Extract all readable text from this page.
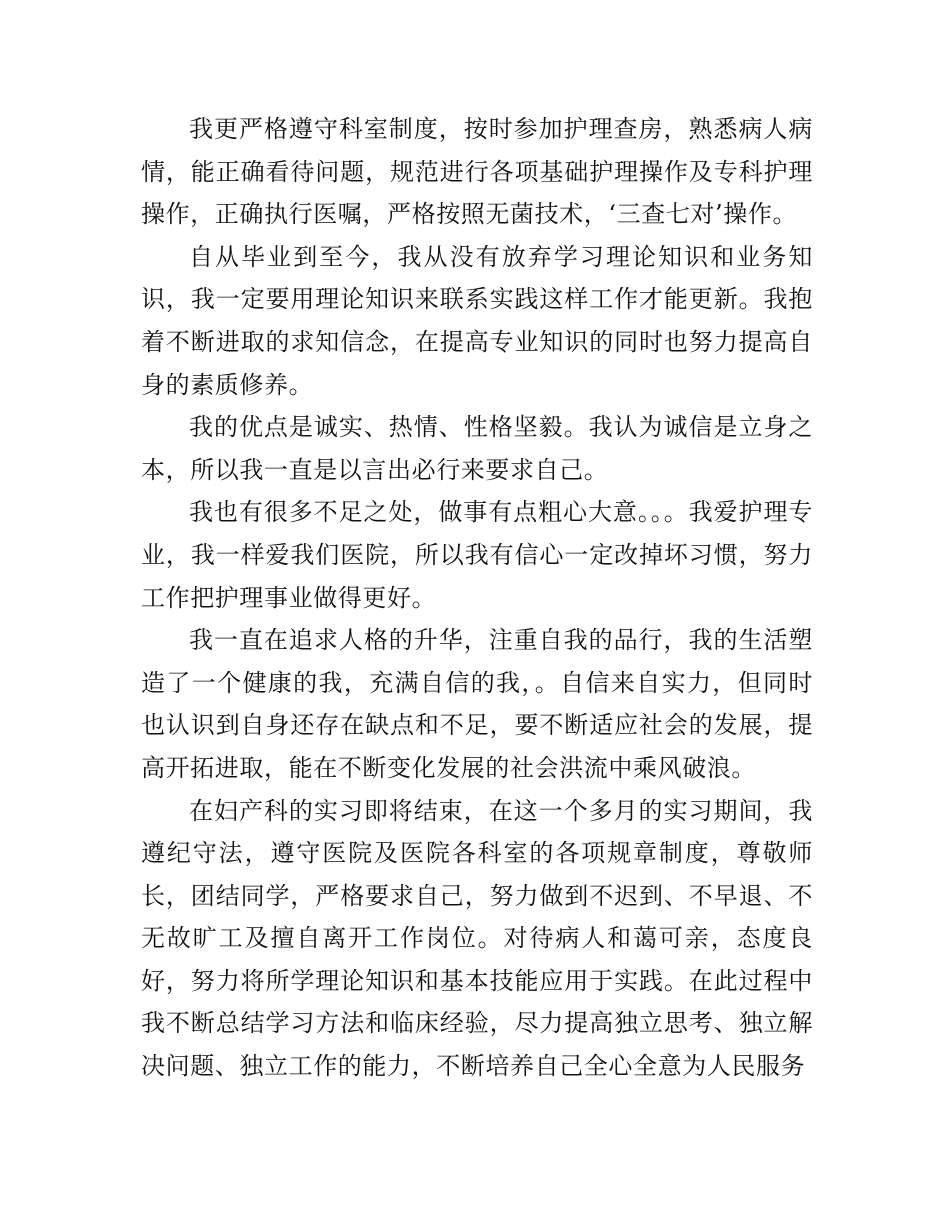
我更严格遵守科室制度，按时参加护理查房，熟悉病人病情，能正确看待问题，规范进行各项基础护理操作及专科护理操作，正确执行医嘱，严格按照无菌技术，‘三查七对’操作。

自从毕业到至今，我从没有放弃学习理论知识和业务知识，我一定要用理论知识来联系实践这样工作才能更新。我抱着不断进取的求知信念，在提高专业知识的同时也努力提高自身的素质修养。

我的优点是诚实、热情、性格坚毅。我认为诚信是立身之本，所以我一直是以言出必行来要求自己。

我也有很多不足之处，做事有点粗心大意。。。我爱护理专业，我一样爱我们医院，所以我有信心一定改掉坏习惯，努力工作把护理事业做得更好。

我一直在追求人格的升华，注重自我的品行，我的生活塑造了一个健康的我，充满自信的我，。自信来自实力，但同时也认识到自身还存在缺点和不足，要不断适应社会的发展，提高开拓进取，能在不断变化发展的社会洪流中乘风破浪。

在妇产科的实习即将结束，在这一个多月的实习期间，我遵纪守法，遵守医院及医院各科室的各项规章制度，尊敬师长，团结同学，严格要求自己，努力做到不迟到、不早退、不无故旷工及擅自离开工作岗位。对待病人和蔼可亲，态度良好，努力将所学理论知识和基本技能应用于实践。在此过程中我不断总结学习方法和临床经验，尽力提高独立思考、独立解决问题、独立工作的能力，不断培养自己全心全意为人民服务
